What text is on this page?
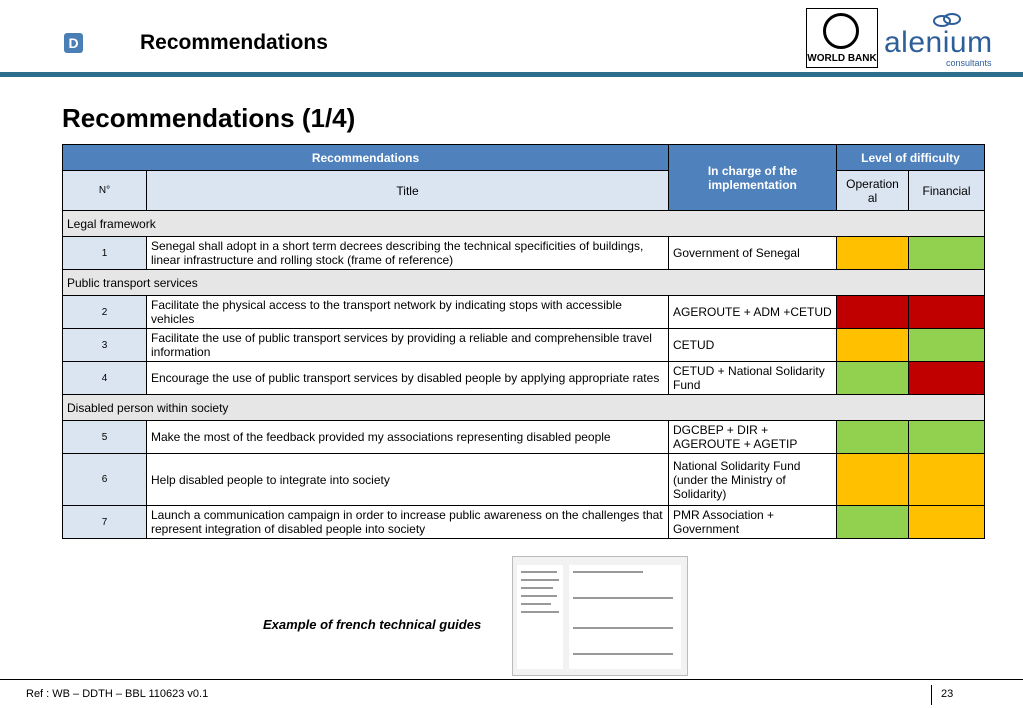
D	Recommendations
WORLD BANK alenium
consultants
Recommendations (1/4)
Recommendations		In charge of the implementation	Level of difficulty	
N°	Title		Operation al	Financial
Legal framework				
1	Senegal shall adopt in a short term decrees describing the technical specificities of buildings, linear infrastructure and rolling stock (frame of reference)	Government of Senegal		
Public transport services				
2	Facilitate the physical access to the transport network by indicating stops with accessible vehicles	AGEROUTE + ADM +CETUD		
3	Facilitate the use of public transport services by providing a reliable and comprehensible travel information	CETUD		
4	Encourage the use of public transport services by disabled people by applying appropriate rates	CETUD + National Solidarity Fund		
Disabled person within society				
5	Make the most of the feedback provided my associations representing disabled people	DGCBEP + DIR + AGEROUTE + AGETIP		
6	Help disabled people to integrate into society	National Solidarity Fund (under the Ministry of Solidarity)		
7	Launch a communication campaign in order to increase public awareness on the challenges that represent integration of disabled people into society	PMR Association + Government		
Example of french technical guides
Ref : WB – DDTH – BBL 110623 v0.1	23
